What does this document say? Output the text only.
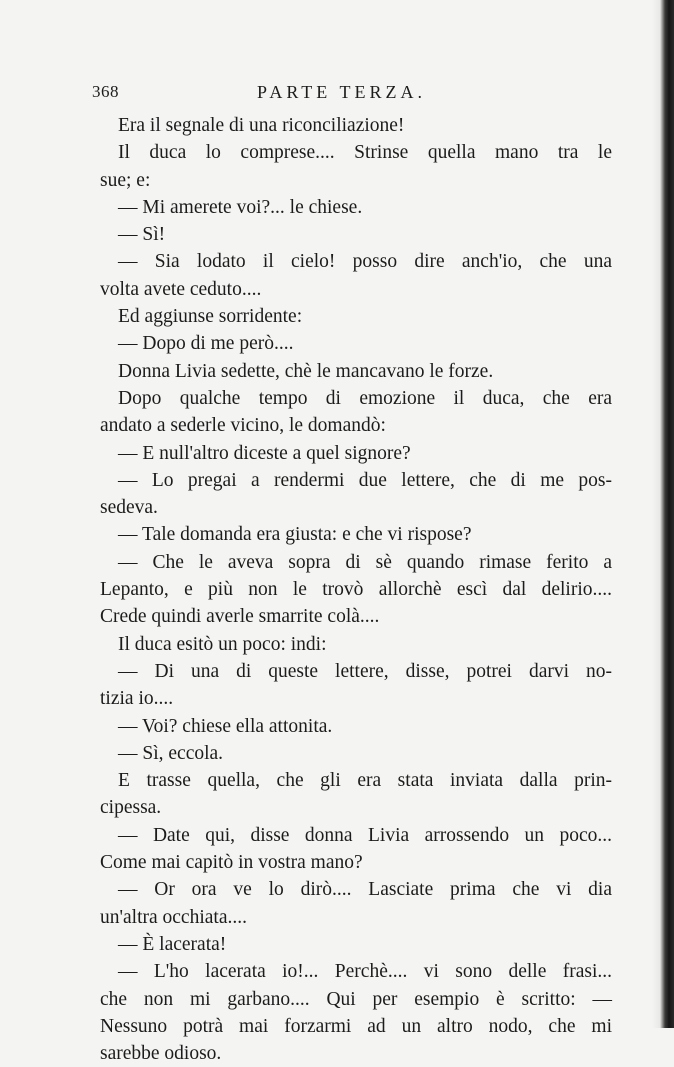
368	PARTE TERZA.
Era il segnale di una riconciliazione!
Il duca lo comprese.... Strinse quella mano tra le
sue; e:
— Mi amerete voi?... le chiese.
— Sì!
— Sia lodato il cielo! posso dire anch'io, che una
volta avete ceduto....
Ed aggiunse sorridente:
— Dopo di me però....
Donna Livia sedette, chè le mancavano le forze.
Dopo qualche tempo di emozione il duca, che era
andato a sederle vicino, le domandò:
— E null'altro diceste a quel signore?
— Lo pregai a rendermi due lettere, che di me pos-
sedeva.
— Tale domanda era giusta: e che vi rispose?
— Che le aveva sopra di sè quando rimase ferito a
Lepanto, e più non le trovò allorchè escì dal delirio....
Crede quindi averle smarrite colà....
Il duca esitò un poco: indi:
— Di una di queste lettere, disse, potrei darvi no-
tizia io....
— Voi? chiese ella attonita.
— Sì, eccola.
E trasse quella, che gli era stata inviata dalla prin-
cipessa.
— Date qui, disse donna Livia arrossendo un poco...
Come mai capitò in vostra mano?
— Or ora ve lo dirò.... Lasciate prima che vi dia
un'altra occhiata....
— È lacerata!
— L'ho lacerata io!... Perchè.... vi sono delle frasi...
che non mi garbano.... Qui per esempio è scritto: —
Nessuno potrà mai forzarmi ad un altro nodo, che mi
sarebbe odioso.
